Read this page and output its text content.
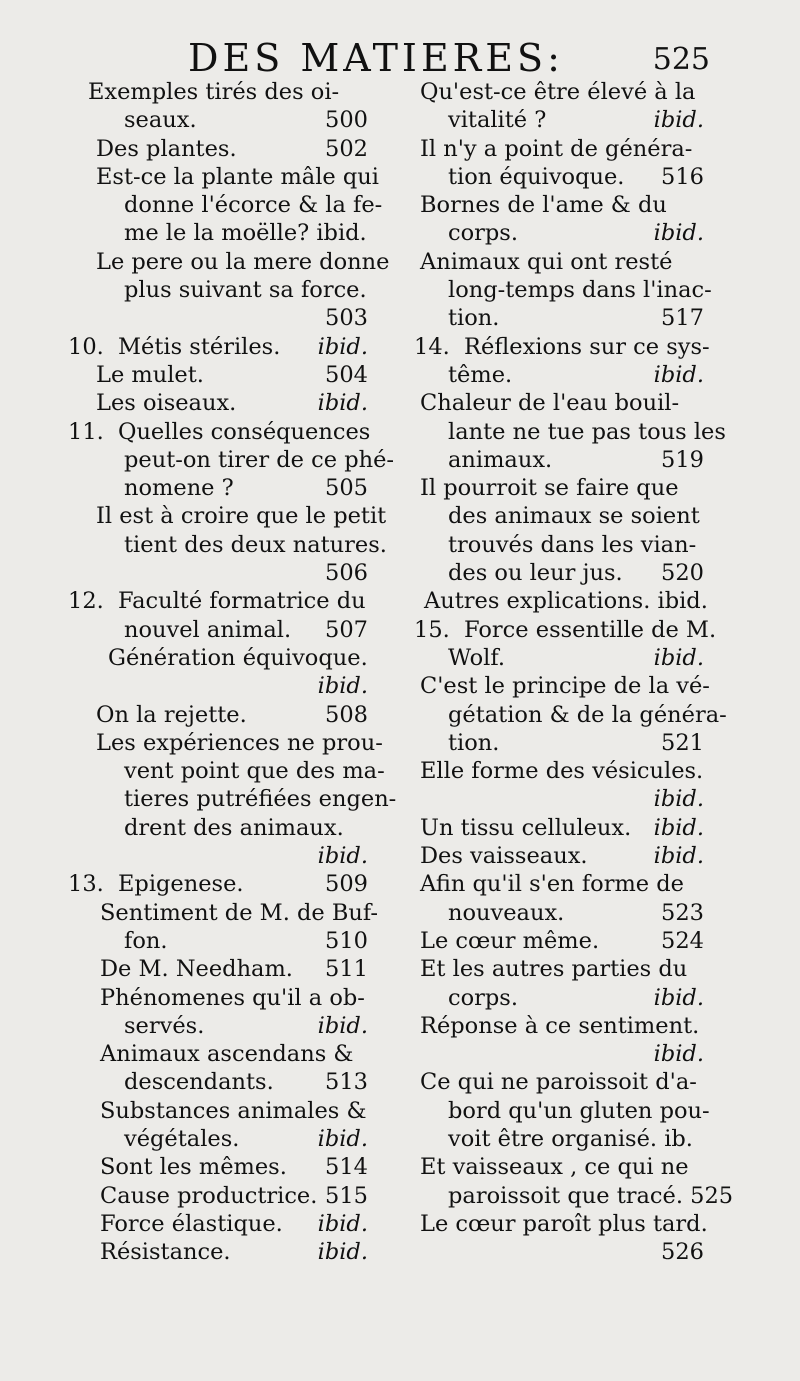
DES MATIERES:	525
Exemples tirés des oi-
seaux.	500
Des plantes.	502
Est-ce la plante mâle qui
donne l'écorce & la fe-
me le la moëlle? ibid.
Le pere ou la mere donne
plus suivant sa force.
503
10. Métis stériles. ibid.
Le mulet.	504
Les oiseaux.	ibid.
11. Quelles conséquences
peut-on tirer de ce phé-
nomene ?	505
Il est à croire que le petit
tient des deux natures.
506
12. Faculté formatrice du
nouvel animal. 507
Génération équivoque.
ibid.
On la rejette.	508
Les expériences ne prou-
vent point que des ma-
tieres putréfiées engen-
drent des animaux.
ibid.
13. Epigenese.	509
Sentiment de M. de Buf-
fon.	510
De M. Needham. 511
Phénomenes qu'il a ob-
servés.	ibid.
Animaux ascendans &
descendants. 513
Substances animales &
végétales.	ibid.
Sont les mêmes. 514
Cause productrice. 515
Force élastique. ibid.
Résistance.	ibid.
Qu'est-ce être élevé à la
vitalité ?	ibid.
Il n'y a point de généra-
tion équivoque. 516
Bornes de l'ame & du
corps.	ibid.
Animaux qui ont resté
long-temps dans l'inac-
tion.	517
14. Réflexions sur ce sys-
tême.	ibid.
Chaleur de l'eau bouil-
lante ne tue pas tous les
animaux.	519
Il pourroit se faire que
des animaux se soient
trouvés dans les vian-
des ou leur jus. 520
Autres explications. ibid.
15. Force essentille de M.
Wolf.	ibid.
C'est le principe de la vé-
gétation & de la généra-
tion.	521
Elle forme des vésicules.
ibid.
Un tissu celluleux. ibid.
Des vaisseaux.	ibid.
Afin qu'il s'en forme de
nouveaux.	523
Le cœur même.	524
Et les autres parties du
corps.	ibid.
Réponse à ce sentiment.
ibid.
Ce qui ne paroissoit d'a-
bord qu'un gluten pou-
voit être organisé. ib.
Et vaisseaux , ce qui ne
paroissoit que tracé. 525
Le cœur paroît plus tard.
526
